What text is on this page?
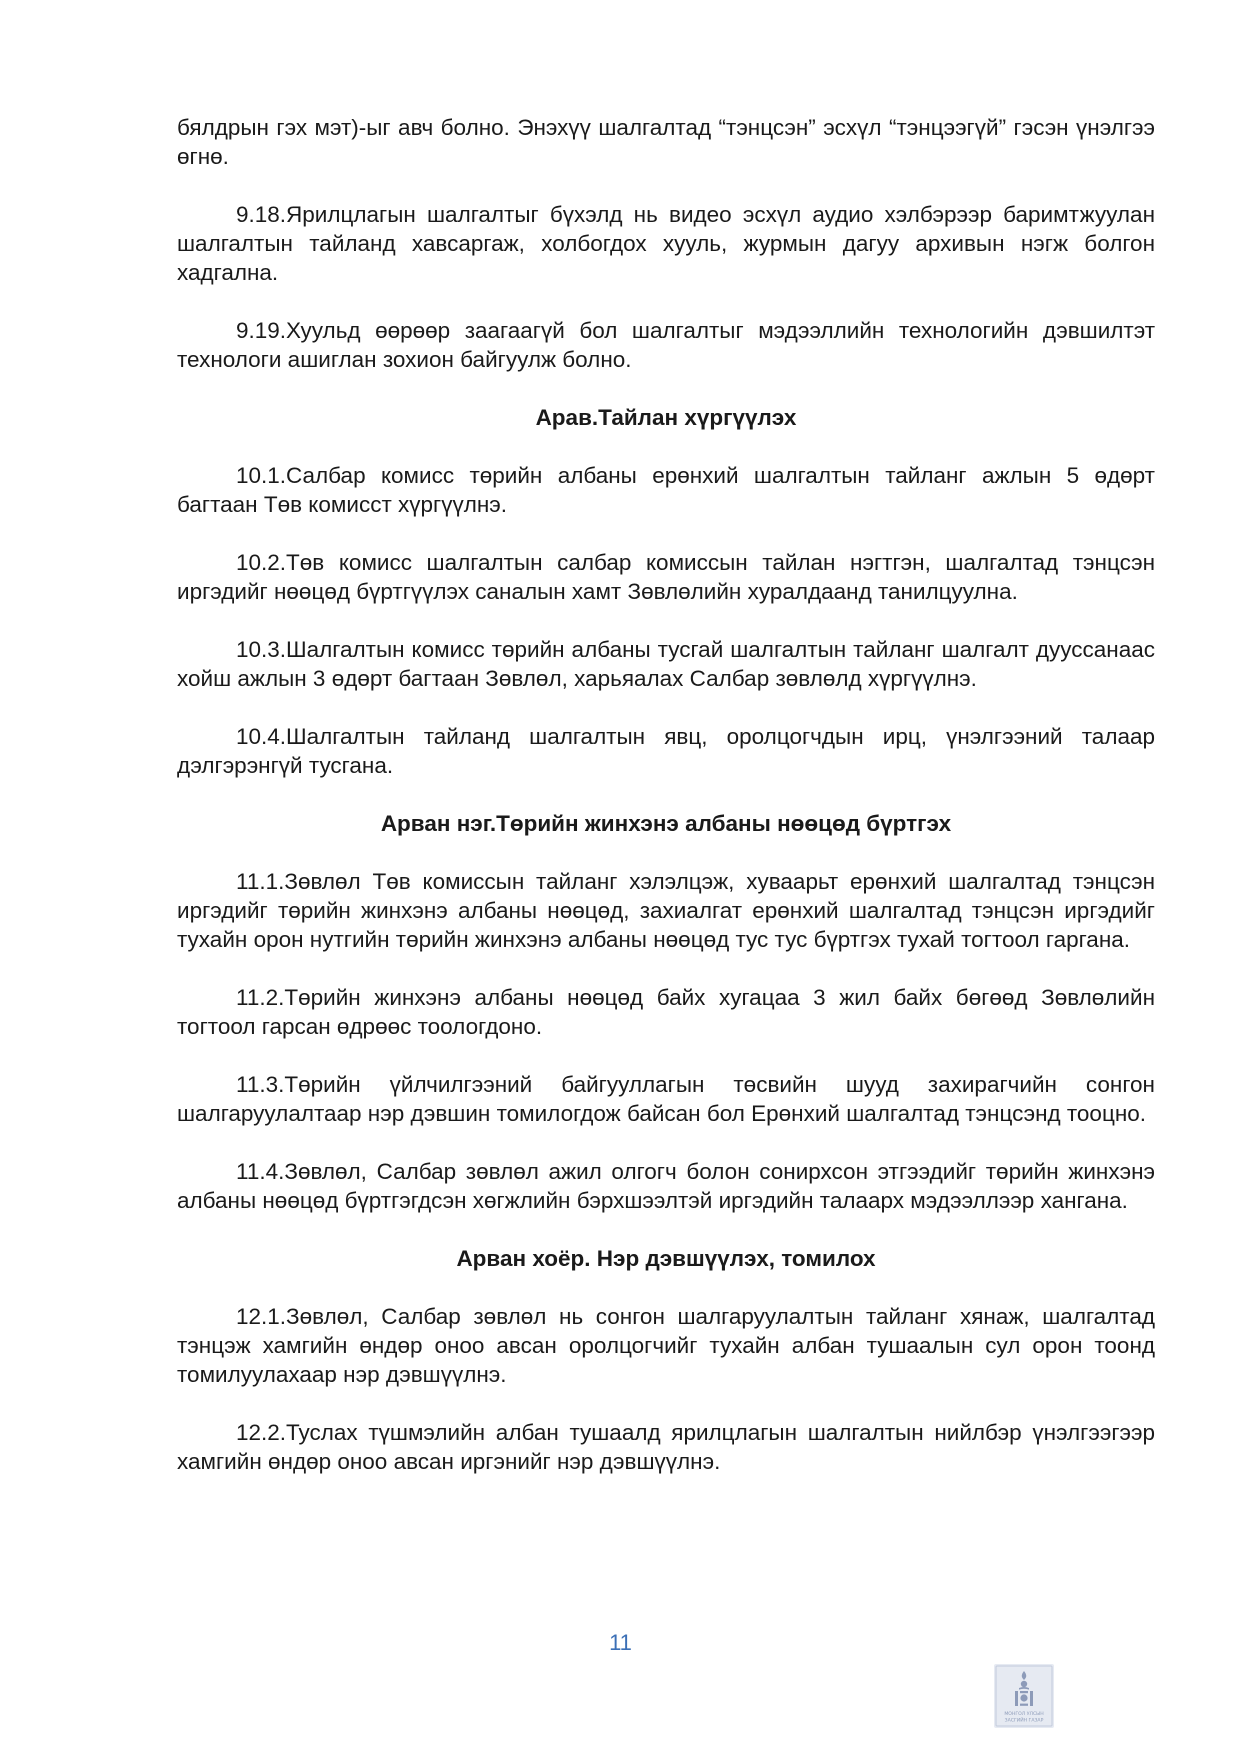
бялдрын гэх мэт)-ыг авч болно. Энэхүү шалгалтад “тэнцсэн” эсхүл “тэнцээгүй” гэсэн үнэлгээ өгнө.

9.18.Ярилцлагын шалгалтыг бүхэлд нь видео эсхүл аудио хэлбэрээр баримтжуулан шалгалтын тайланд хавсаргаж, холбогдох хууль, журмын дагуу архивын нэгж болгон хадгална.

9.19.Хуульд өөрөөр заагаагүй бол шалгалтыг мэдээллийн технологийн дэвшилтэт технологи ашиглан зохион байгуулж болно.

Арав.Тайлан хүргүүлэх

10.1.Салбар комисс төрийн албаны ерөнхий шалгалтын тайланг ажлын 5 өдөрт багтаан Төв комисст хүргүүлнэ.

10.2.Төв комисс шалгалтын салбар комиссын тайлан нэгтгэн, шалгалтад тэнцсэн иргэдийг нөөцөд бүртгүүлэх саналын хамт Зөвлөлийн хуралдаанд танилцуулна.

10.3.Шалгалтын комисс төрийн албаны тусгай шалгалтын тайланг шалгалт дууссанаас хойш ажлын 3 өдөрт багтаан Зөвлөл, харьяалах Салбар зөвлөлд хүргүүлнэ.

10.4.Шалгалтын тайланд шалгалтын явц, оролцогчдын ирц, үнэлгээний талаар дэлгэрэнгүй тусгана.

Арван нэг.Төрийн жинхэнэ албаны нөөцөд бүртгэх

11.1.Зөвлөл Төв комиссын тайланг хэлэлцэж, хуваарьт ерөнхий шалгалтад тэнцсэн иргэдийг төрийн жинхэнэ албаны нөөцөд, захиалгат ерөнхий шалгалтад тэнцсэн иргэдийг тухайн орон нутгийн төрийн жинхэнэ албаны нөөцөд тус тус бүртгэх тухай тогтоол гаргана.

11.2.Төрийн жинхэнэ албаны нөөцөд байх хугацаа 3 жил байх бөгөөд Зөвлөлийн тогтоол гарсан өдрөөс тоологдоно.

11.3.Төрийн үйлчилгээний байгууллагын төсвийн шууд захирагчийн сонгон шалгаруулалтаар нэр дэвшин томилогдож байсан бол Ерөнхий шалгалтад тэнцсэнд тооцно.

11.4.Зөвлөл, Салбар зөвлөл ажил олгогч болон сонирхсон этгээдийг төрийн жинхэнэ албаны нөөцөд бүртгэгдсэн хөгжлийн бэрхшээлтэй иргэдийн талаарх мэдээллээр хангана.

Арван хоёр. Нэр дэвшүүлэх, томилох

12.1.Зөвлөл, Салбар зөвлөл нь сонгон шалгаруулалтын тайланг хянаж, шалгалтад тэнцэж хамгийн өндөр оноо авсан оролцогчийг тухайн албан тушаалын сул орон тоонд томилуулахаар нэр дэвшүүлнэ.

12.2.Туслах түшмэлийн албан тушаалд ярилцлагын шалгалтын нийлбэр үнэлгээгээр хамгийн өндөр оноо авсан иргэнийг нэр дэвшүүлнэ.

11
МОНГОЛ УЛСЫН
ЗАСГИЙН ГАЗАР
